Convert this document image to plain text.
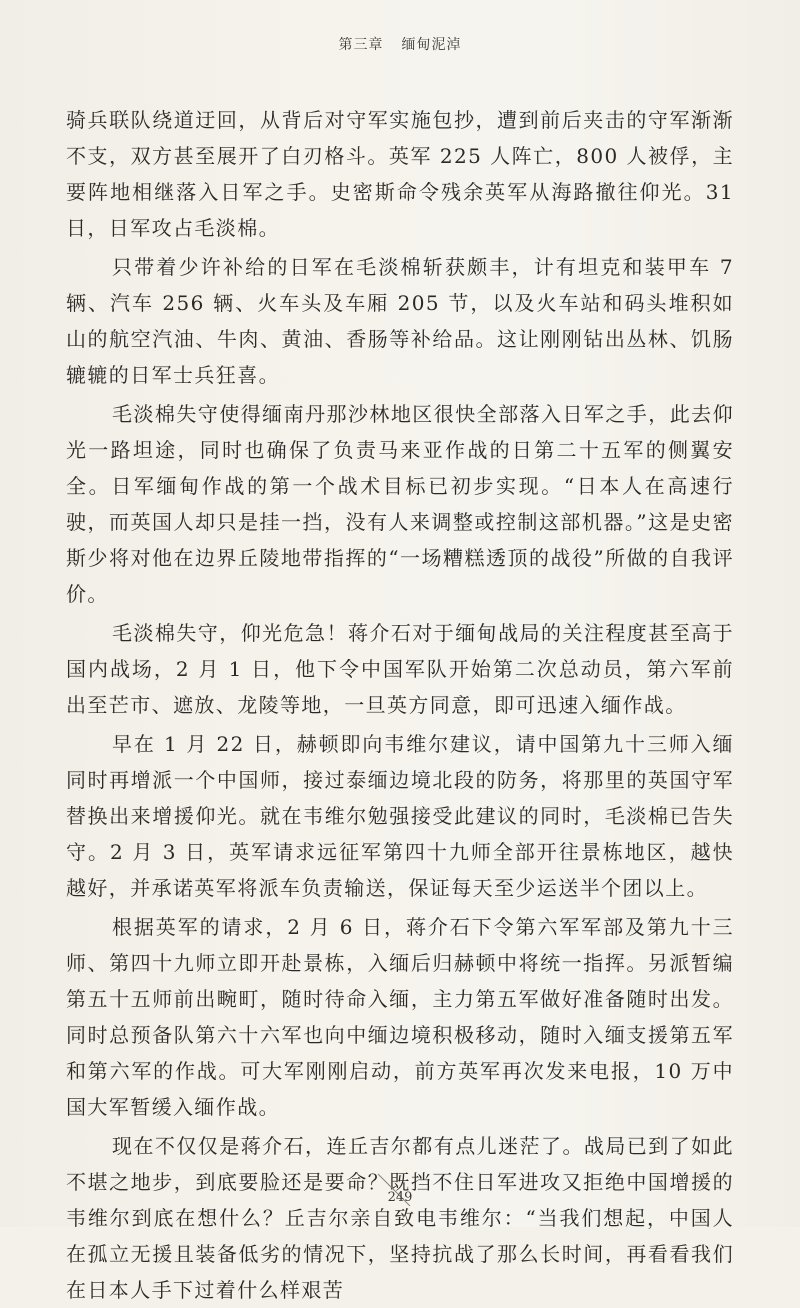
第三章 缅甸泥淖

骑兵联队绕道迂回，从背后对守军实施包抄，遭到前后夹击的守军渐渐不支，双方甚至展开了白刃格斗。英军 225 人阵亡，800 人被俘，主要阵地相继落入日军之手。史密斯命令残余英军从海路撤往仰光。31 日，日军攻占毛淡棉。

只带着少许补给的日军在毛淡棉斩获颇丰，计有坦克和装甲车 7 辆、汽车 256 辆、火车头及车厢 205 节，以及火车站和码头堆积如山的航空汽油、牛肉、黄油、香肠等补给品。这让刚刚钻出丛林、饥肠辘辘的日军士兵狂喜。

毛淡棉失守使得缅南丹那沙林地区很快全部落入日军之手，此去仰光一路坦途，同时也确保了负责马来亚作战的日第二十五军的侧翼安全。日军缅甸作战的第一个战术目标已初步实现。“日本人在高速行驶，而英国人却只是挂一挡，没有人来调整或控制这部机器。”这是史密斯少将对他在边界丘陵地带指挥的“一场糟糕透顶的战役”所做的自我评价。

毛淡棉失守，仰光危急！蒋介石对于缅甸战局的关注程度甚至高于国内战场，2 月 1 日，他下令中国军队开始第二次总动员，第六军前出至芒市、遮放、龙陵等地，一旦英方同意，即可迅速入缅作战。

早在 1 月 22 日，赫顿即向韦维尔建议，请中国第九十三师入缅同时再增派一个中国师，接过泰缅边境北段的防务，将那里的英国守军替换出来增援仰光。就在韦维尔勉强接受此建议的同时，毛淡棉已告失守。2 月 3 日，英军请求远征军第四十九师全部开往景栋地区，越快越好，并承诺英军将派车负责输送，保证每天至少运送半个团以上。

根据英军的请求，2 月 6 日，蒋介石下令第六军军部及第九十三师、第四十九师立即开赴景栋，入缅后归赫顿中将统一指挥。另派暂编第五十五师前出畹町，随时待命入缅，主力第五军做好准备随时出发。同时总预备队第六十六军也向中缅边境积极移动，随时入缅支援第五军和第六军的作战。可大军刚刚启动，前方英军再次发来电报，10 万中国大军暂缓入缅作战。

现在不仅仅是蒋介石，连丘吉尔都有点儿迷茫了。战局已到了如此不堪之地步，到底要脸还是要命？既挡不住日军进攻又拒绝中国增援的韦维尔到底在想什么？丘吉尔亲自致电韦维尔：“当我们想起，中国人在孤立无援且装备低劣的情况下，坚持抗战了那么长时间，再看看我们在日本人手下过着什么样艰苦

249
